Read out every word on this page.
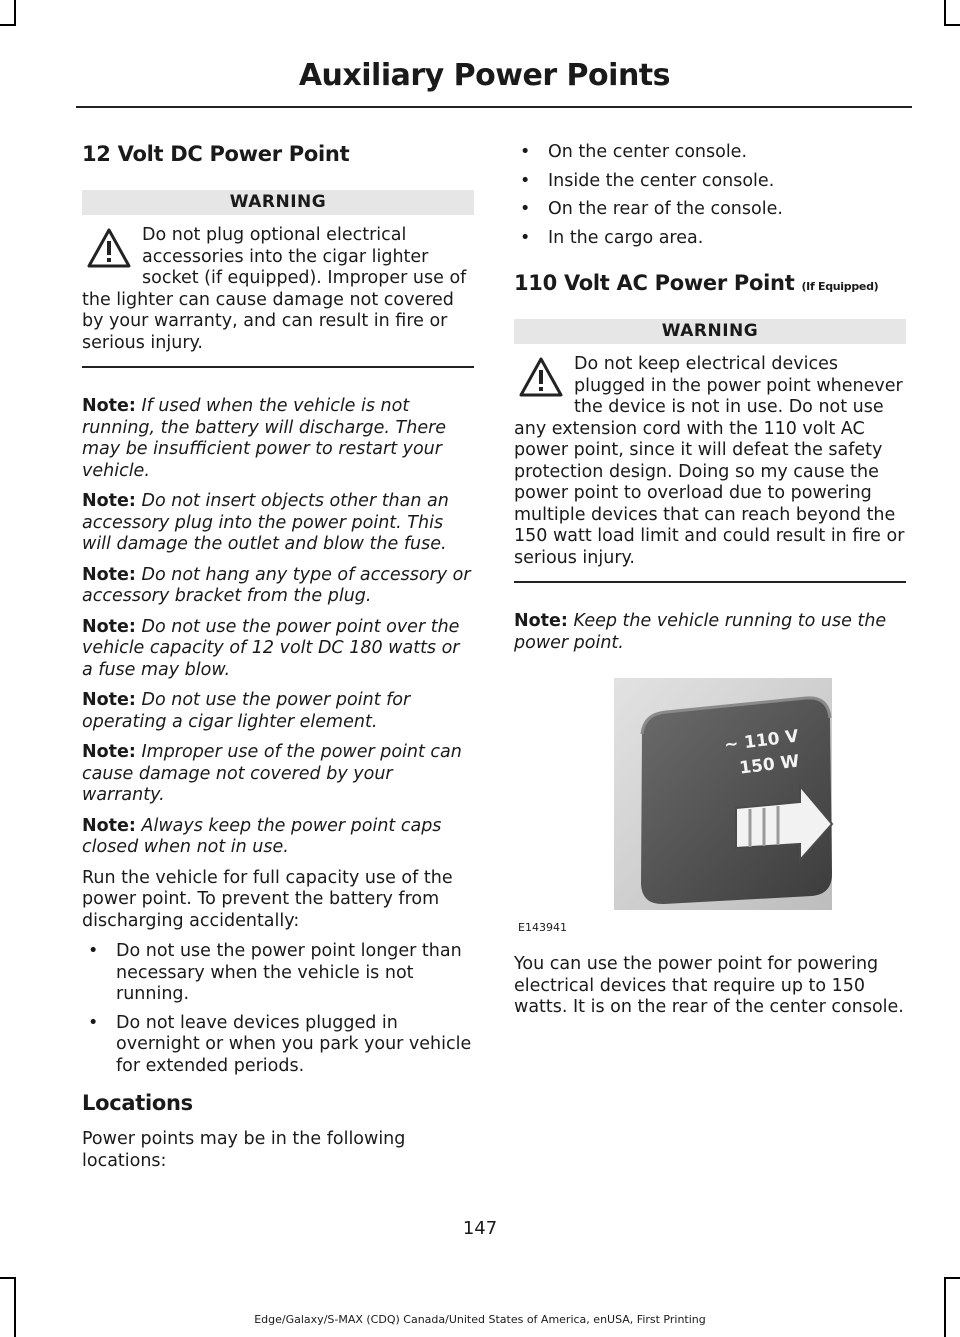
Auxiliary Power Points
12 Volt DC Power Point
WARNING
Do not plug optional electrical accessories into the cigar lighter socket (if equipped). Improper use of the lighter can cause damage not covered by your warranty, and can result in fire or serious injury.

Note: If used when the vehicle is not running, the battery will discharge. There may be insufficient power to restart your vehicle.

Note: Do not insert objects other than an accessory plug into the power point. This will damage the outlet and blow the fuse.

Note: Do not hang any type of accessory or accessory bracket from the plug.

Note: Do not use the power point over the vehicle capacity of 12 volt DC 180 watts or a fuse may blow.

Note: Do not use the power point for operating a cigar lighter element.

Note: Improper use of the power point can cause damage not covered by your warranty.

Note: Always keep the power point caps closed when not in use.

Run the vehicle for full capacity use of the power point. To prevent the battery from discharging accidentally:

• Do not use the power point longer than necessary when the vehicle is not running.
• Do not leave devices plugged in overnight or when you park your vehicle for extended periods.
Locations

Power points may be in the following locations:

• On the center console.
• Inside the center console.
• On the rear of the console.
• In the cargo area.
110 Volt AC Power Point (If Equipped)
WARNING
Do not keep electrical devices plugged in the power point whenever the device is not in use. Do not use any extension cord with the 110 volt AC power point, since it will defeat the safety protection design. Doing so my cause the power point to overload due to powering multiple devices that can reach beyond the 150 watt load limit and could result in fire or serious injury.

Note: Keep the vehicle running to use the power point.

~ 110 V
150 W
E143941

You can use the power point for powering electrical devices that require up to 150 watts. It is on the rear of the center console.

147
Edge/Galaxy/S-MAX (CDQ) Canada/United States of America, enUSA, First Printing
